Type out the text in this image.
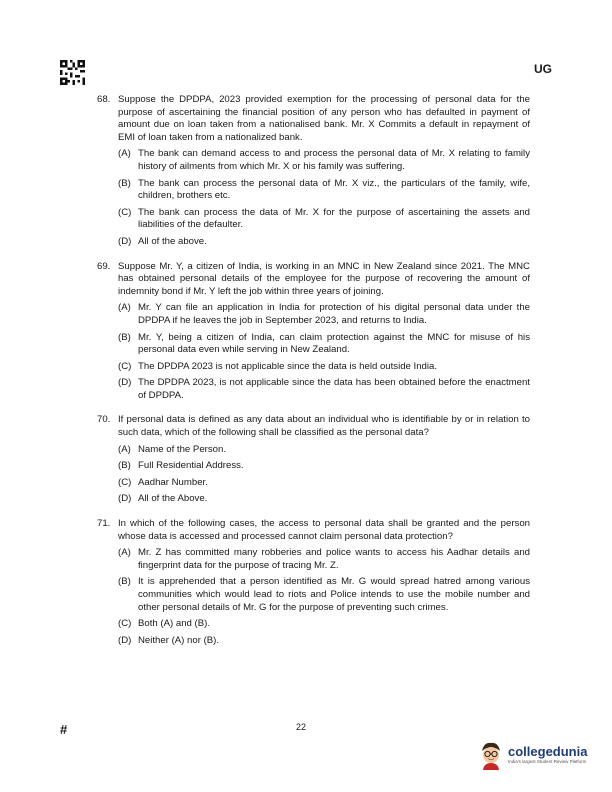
UG
68. Suppose the DPDPA, 2023 provided exemption for the processing of personal data for the purpose of ascertaining the financial position of any person who has defaulted in payment of amount due on loan taken from a nationalised bank. Mr. X Commits a default in repayment of EMI of loan taken from a nationalized bank.
(A) The bank can demand access to and process the personal data of Mr. X relating to family history of ailments from which Mr. X or his family was suffering.
(B) The bank can process the personal data of Mr. X viz., the particulars of the family, wife, children, brothers etc.
(C) The bank can process the data of Mr. X for the purpose of ascertaining the assets and liabilities of the defaulter.
(D) All of the above.
69. Suppose Mr. Y, a citizen of India, is working in an MNC in New Zealand since 2021. The MNC has obtained personal details of the employee for the purpose of recovering the amount of indemnity bond if Mr. Y left the job within three years of joining.
(A) Mr. Y can file an application in India for protection of his digital personal data under the DPDPA if he leaves the job in September 2023, and returns to India.
(B) Mr. Y, being a citizen of India, can claim protection against the MNC for misuse of his personal data even while serving in New Zealand.
(C) The DPDPA 2023 is not applicable since the data is held outside India.
(D) The DPDPA 2023, is not applicable since the data has been obtained before the enactment of DPDPA.
70. If personal data is defined as any data about an individual who is identifiable by or in relation to such data, which of the following shall be classified as the personal data?
(A) Name of the Person.
(B) Full Residential Address.
(C) Aadhar Number.
(D) All of the Above.
71. In which of the following cases, the access to personal data shall be granted and the person whose data is accessed and processed cannot claim personal data protection?
(A) Mr. Z has committed many robberies and police wants to access his Aadhar details and fingerprint data for the purpose of tracing Mr. Z.
(B) It is apprehended that a person identified as Mr. G would spread hatred among various communities which would lead to riots and Police intends to use the mobile number and other personal details of Mr. G for the purpose of preventing such crimes.
(C) Both (A) and (B).
(D) Neither (A) nor (B).
#	22
collegedunia
India's largest Student Review Platform
